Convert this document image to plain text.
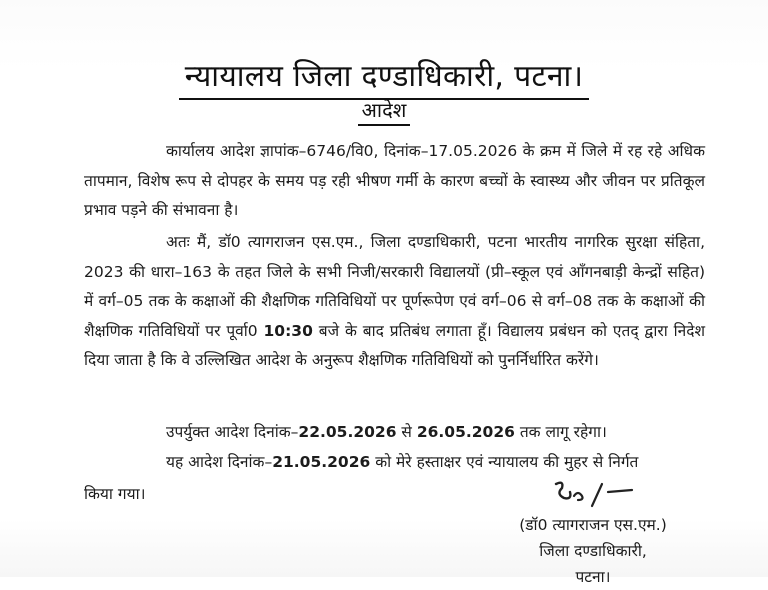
न्यायालय जिला दण्डाधिकारी, पटना।
आदेश
कार्यालय आदेश ज्ञापांक–6746/वि0, दिनांक–17.05.2026 के क्रम में जिले में रह रहे अधिक तापमान, विशेष रूप से दोपहर के समय पड़ रही भीषण गर्मी के कारण बच्चों के स्वास्थ्य और जीवन पर प्रतिकूल प्रभाव पड़ने की संभावना है।
अतः मैं, डॉ0 त्यागराजन एस.एम., जिला दण्डाधिकारी, पटना भारतीय नागरिक सुरक्षा संहिता, 2023 की धारा–163 के तहत जिले के सभी निजी/सरकारी विद्यालयों (प्री–स्कूल एवं आँगनबाड़ी केन्द्रों सहित) में वर्ग–05 तक के कक्षाओं की शैक्षणिक गतिविधियों पर पूर्णरूपेण एवं वर्ग–06 से वर्ग–08 तक के कक्षाओं की शैक्षणिक गतिविधियों पर पूर्वा0 10:30 बजे के बाद प्रतिबंध लगाता हूँ। विद्यालय प्रबंधन को एतद् द्वारा निदेश दिया जाता है कि वे उल्लिखित आदेश के अनुरूप शैक्षणिक गतिविधियों को पुनर्निर्धारित करेंगे।
उपर्युक्त आदेश दिनांक–22.05.2026 से 26.05.2026 तक लागू रहेगा।
यह आदेश दिनांक–21.05.2026 को मेरे हस्ताक्षर एवं न्यायालय की मुहर से निर्गत
किया गया।
(डॉ0 त्यागराजन एस.एम.)
जिला दण्डाधिकारी,
पटना।
